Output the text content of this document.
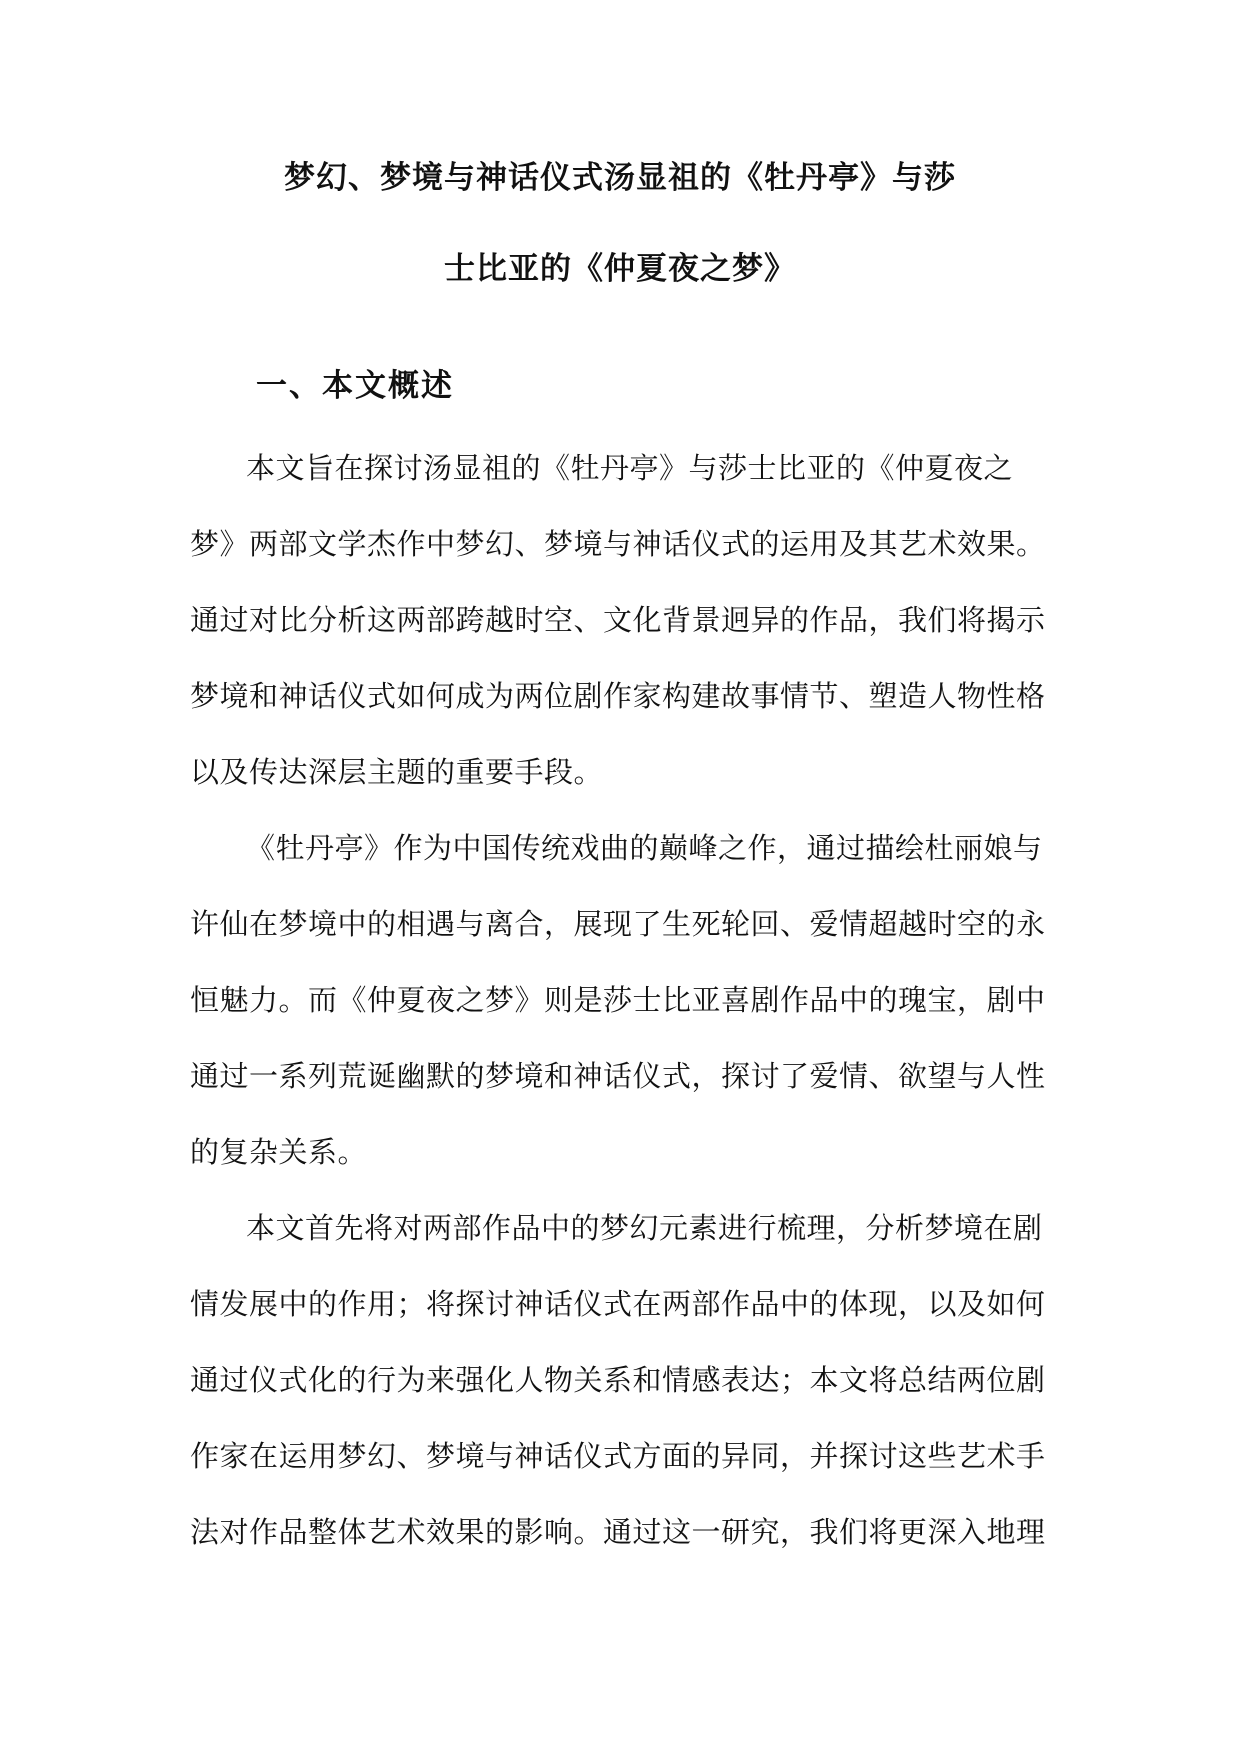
梦幻、梦境与神话仪式汤显祖的《牡丹亭》与莎
士比亚的《仲夏夜之梦》
一、本文概述
本文旨在探讨汤显祖的《牡丹亭》与莎士比亚的《仲夏夜之
梦》两部文学杰作中梦幻、梦境与神话仪式的运用及其艺术效果。
通过对比分析这两部跨越时空、文化背景迥异的作品，我们将揭示
梦境和神话仪式如何成为两位剧作家构建故事情节、塑造人物性格
以及传达深层主题的重要手段。
《牡丹亭》作为中国传统戏曲的巅峰之作，通过描绘杜丽娘与
许仙在梦境中的相遇与离合，展现了生死轮回、爱情超越时空的永
恒魅力。而《仲夏夜之梦》则是莎士比亚喜剧作品中的瑰宝，剧中
通过一系列荒诞幽默的梦境和神话仪式，探讨了爱情、欲望与人性
的复杂关系。
本文首先将对两部作品中的梦幻元素进行梳理，分析梦境在剧
情发展中的作用；将探讨神话仪式在两部作品中的体现，以及如何
通过仪式化的行为来强化人物关系和情感表达；本文将总结两位剧
作家在运用梦幻、梦境与神话仪式方面的异同，并探讨这些艺术手
法对作品整体艺术效果的影响。通过这一研究，我们将更深入地理
